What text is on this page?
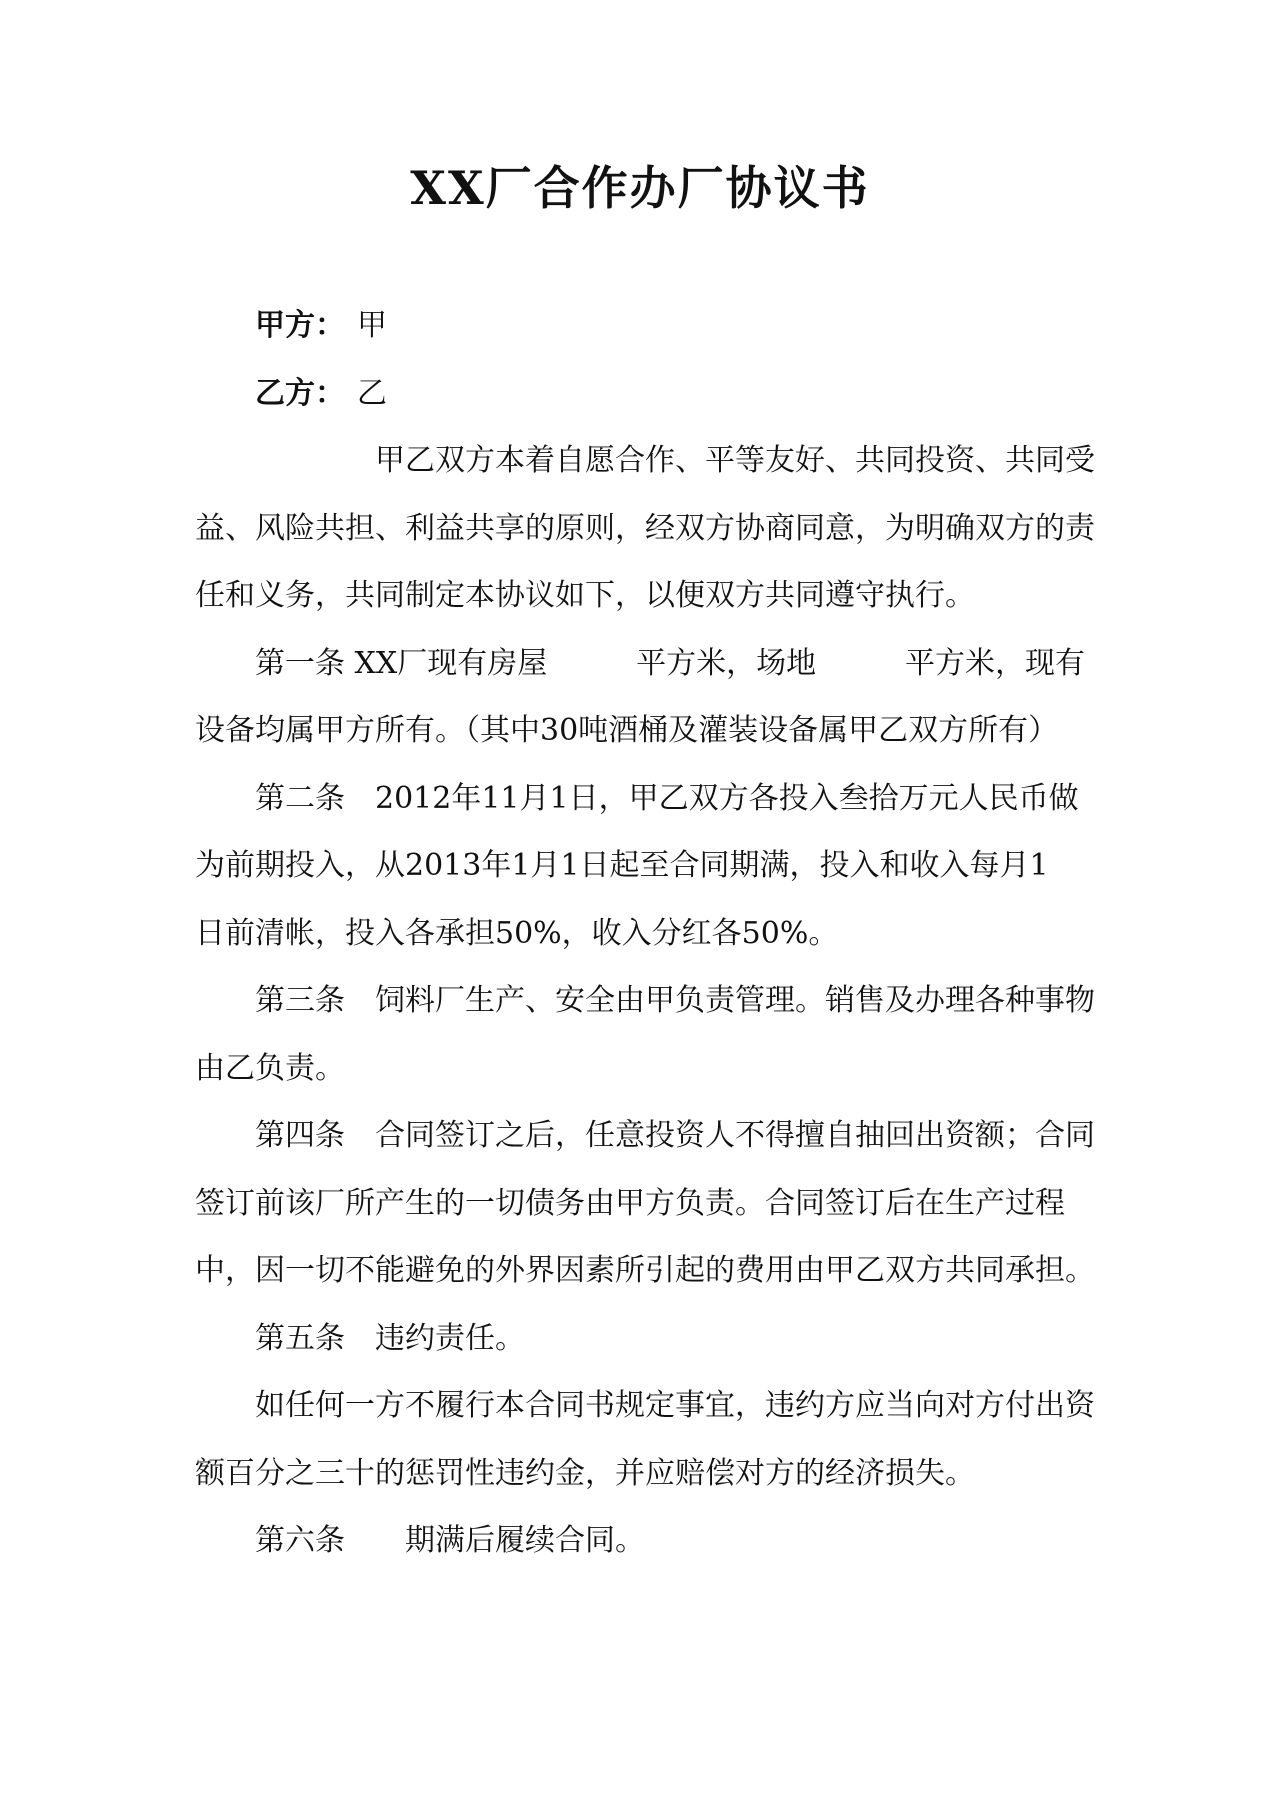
XX厂合作办厂协议书
甲方： 甲
乙方： 乙
甲乙双方本着自愿合作、平等友好、共同投资、共同受
益、风险共担、利益共享的原则，经双方协商同意，为明确双方的责
任和义务，共同制定本协议如下，以便双方共同遵守执行。
第一条 XX厂现有房屋	平方米，场地	平方米，现有
设备均属甲方所有。（其中30吨酒桶及灌装设备属甲乙双方所有）
第二条　2012年11月1日，甲乙双方各投入叁拾万元人民币做
为前期投入，从2013年1月1日起至合同期满，投入和收入每月1
日前清帐，投入各承担50%，收入分红各50%。
第三条　饲料厂生产、安全由甲负责管理。销售及办理各种事物
由乙负责。
第四条　合同签订之后，任意投资人不得擅自抽回出资额；合同
签订前该厂所产生的一切债务由甲方负责。合同签订后在生产过程
中，因一切不能避免的外界因素所引起的费用由甲乙双方共同承担。
第五条　违约责任。
如任何一方不履行本合同书规定事宜，违约方应当向对方付出资
额百分之三十的惩罚性违约金，并应赔偿对方的经济损失。
第六条　　期满后履续合同。
